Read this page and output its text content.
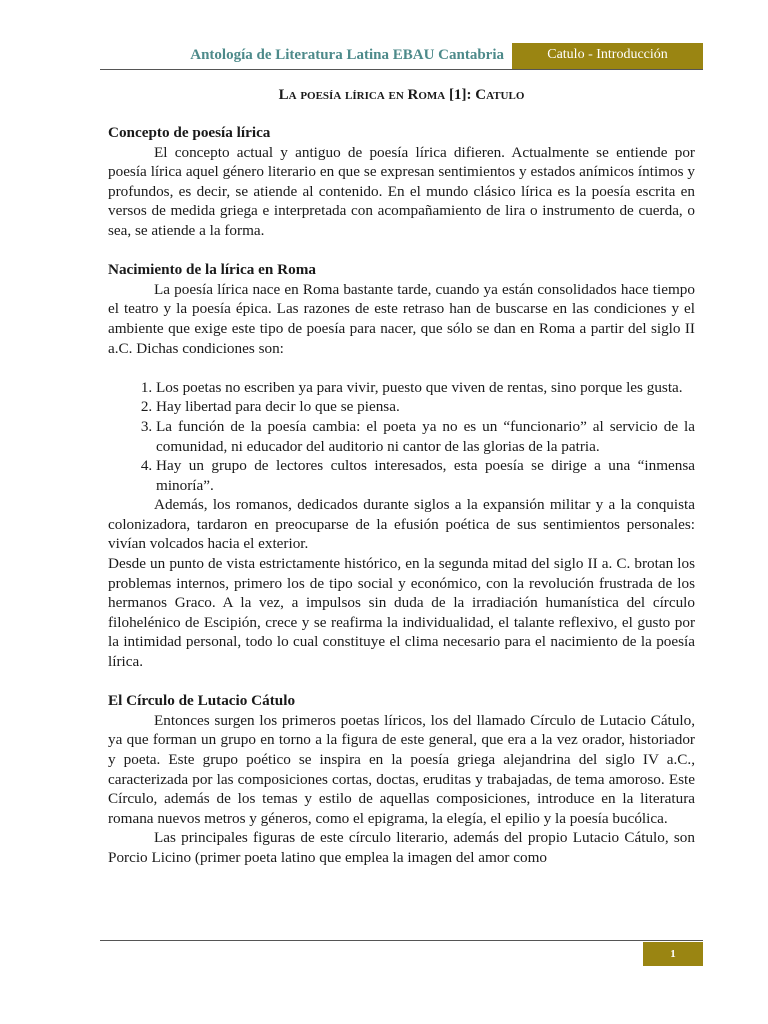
Antología de Literatura Latina EBAU Cantabria	Catulo - Introducción
La poesía lírica en Roma [1]: Catulo
Concepto de poesía lírica

El concepto actual y antiguo de poesía lírica difieren. Actualmente se entiende por poesía lírica aquel género literario en que se expresan sentimientos y estados anímicos íntimos y profundos, es decir, se atiende al contenido. En el mundo clásico lírica es la poesía escrita en versos de medida griega e interpretada con acompañamiento de lira o instrumento de cuerda, o sea, se atiende a la forma.

Nacimiento de la lírica en Roma

La poesía lírica nace en Roma bastante tarde, cuando ya están consolidados hace tiempo el teatro y la poesía épica. Las razones de este retraso han de buscarse en las condiciones y el ambiente que exige este tipo de poesía para nacer, que sólo se dan en Roma a partir del siglo II a.C. Dichas condiciones son:

1. Los poetas no escriben ya para vivir, puesto que viven de rentas, sino porque les gusta.
2. Hay libertad para decir lo que se piensa.
3. La función de la poesía cambia: el poeta ya no es un “funcionario” al servicio de la comunidad, ni educador del auditorio ni cantor de las glorias de la patria.
4. Hay un grupo de lectores cultos interesados, esta poesía se dirige a una “inmensa minoría”.

Además, los romanos, dedicados durante siglos a la expansión militar y a la conquista colonizadora, tardaron en preocuparse de la efusión poética de sus sentimientos personales: vivían volcados hacia el exterior.

Desde un punto de vista estrictamente histórico, en la segunda mitad del siglo II a. C. brotan los problemas internos, primero los de tipo social y económico, con la revolución frustrada de los hermanos Graco. A la vez, a impulsos sin duda de la irradiación humanística del círculo filohelénico de Escipión, crece y se reafirma la individualidad, el talante reflexivo, el gusto por la intimidad personal, todo lo cual constituye el clima necesario para el nacimiento de la poesía lírica.

El Círculo de Lutacio Cátulo

Entonces surgen los primeros poetas líricos, los del llamado Círculo de Lutacio Cátulo, ya que forman un grupo en torno a la figura de este general, que era a la vez orador, historiador y poeta. Este grupo poético se inspira en la poesía griega alejandrina del siglo IV a.C., caracterizada por las composiciones cortas, doctas, eruditas y trabajadas, de tema amoroso. Este Círculo, además de los temas y estilo de aquellas composiciones, introduce en la literatura romana nuevos metros y géneros, como el epigrama, la elegía, el epilio y la poesía bucólica.

Las principales figuras de este círculo literario, además del propio Lutacio Cátulo, son Porcio Licino (primer poeta latino que emplea la imagen del amor como

1
